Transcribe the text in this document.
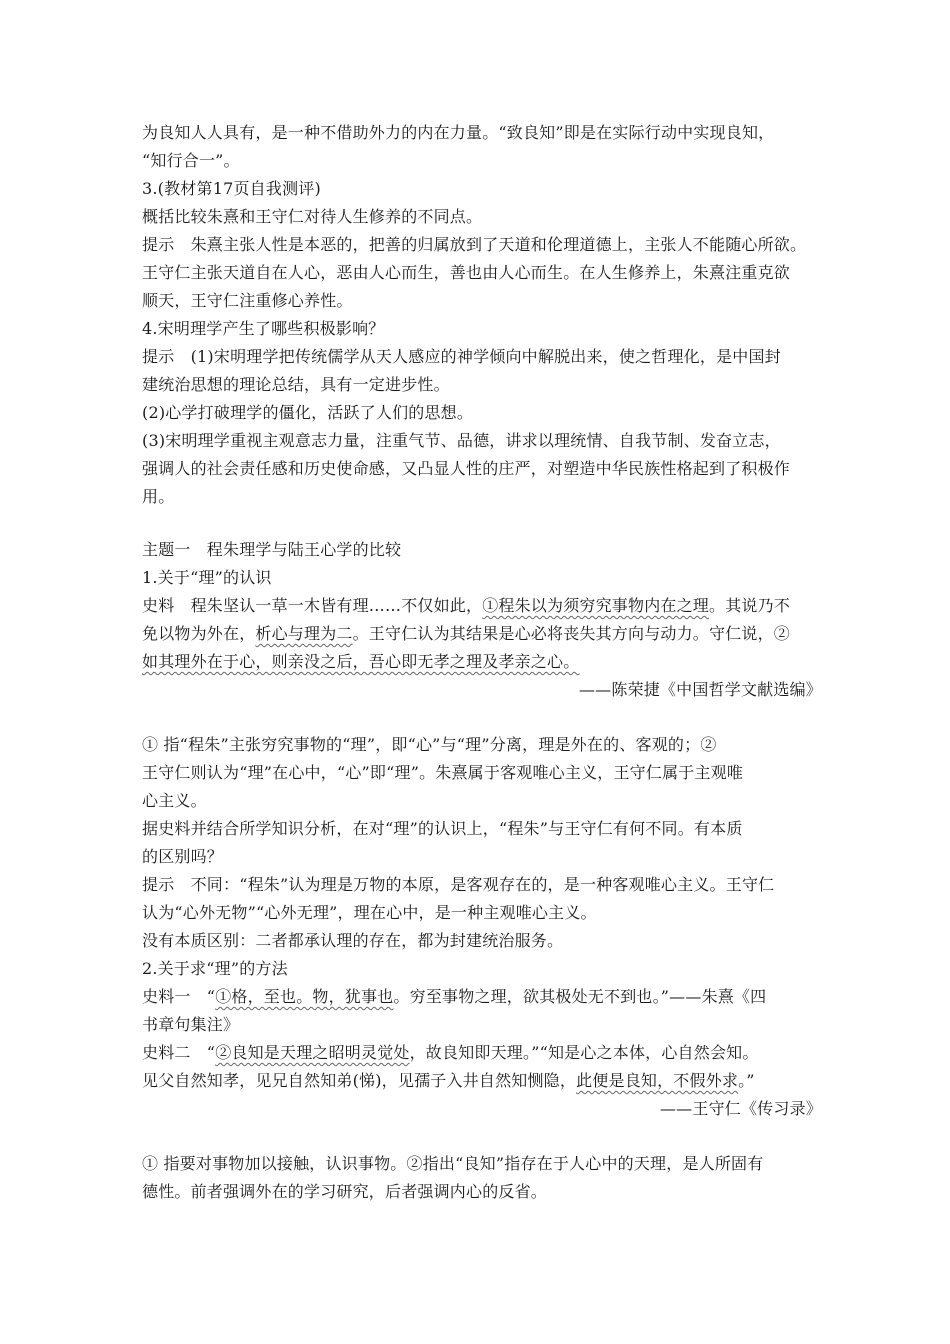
为良知人人具有，是一种不借助外力的内在力量。“致良知”即是在实际行动中实现良知，
“知行合一”。
3.(教材第17页自我测评)
概括比较朱熹和王守仁对待人生修养的不同点。
提示　朱熹主张人性是本恶的，把善的归属放到了天道和伦理道德上，主张人不能随心所欲。
王守仁主张天道自在人心，恶由人心而生，善也由人心而生。在人生修养上，朱熹注重克欲
顺天，王守仁注重修心养性。
4.宋明理学产生了哪些积极影响？
提示　(1)宋明理学把传统儒学从天人感应的神学倾向中解脱出来，使之哲理化，是中国封
建统治思想的理论总结，具有一定进步性。
(2)心学打破理学的僵化，活跃了人们的思想。
(3)宋明理学重视主观意志力量，注重气节、品德，讲求以理统情、自我节制、发奋立志，
强调人的社会责任感和历史使命感，又凸显人性的庄严，对塑造中华民族性格起到了积极作
用。
主题一　程朱理学与陆王心学的比较
1.关于“理”的认识
史料　程朱坚认一草一木皆有理……不仅如此，①程朱以为须穷究事物内在之理。其说乃不
免以物为外在，析心与理为二。王守仁认为其结果是心必将丧失其方向与动力。守仁说，②
如其理外在于心，则亲没之后，吾心即无孝之理及孝亲之心。
——陈荣捷《中国哲学文献选编》
① 指“程朱”主张穷究事物的“理”，即“心”与“理”分离，理是外在的、客观的；②
王守仁则认为“理”在心中，“心”即“理”。朱熹属于客观唯心主义，王守仁属于主观唯
心主义。
据史料并结合所学知识分析，在对“理”的认识上，“程朱”与王守仁有何不同。有本质
的区别吗？
提示　不同：“程朱”认为理是万物的本原，是客观存在的，是一种客观唯心主义。王守仁
认为“心外无物”“心外无理”，理在心中，是一种主观唯心主义。
没有本质区别：二者都承认理的存在，都为封建统治服务。
2.关于求“理”的方法
史料一　“①格，至也。物，犹事也。穷至事物之理，欲其极处无不到也。”——朱熹《四
书章句集注》
史料二　“②良知是天理之昭明灵觉处，故良知即天理。”“知是心之本体，心自然会知。
见父自然知孝，见兄自然知弟(悌)，见孺子入井自然知恻隐，此便是良知，不假外求。”
——王守仁《传习录》
① 指要对事物加以接触，认识事物。②指出“良知”指存在于人心中的天理，是人所固有
德性。前者强调外在的学习研究，后者强调内心的反省。
